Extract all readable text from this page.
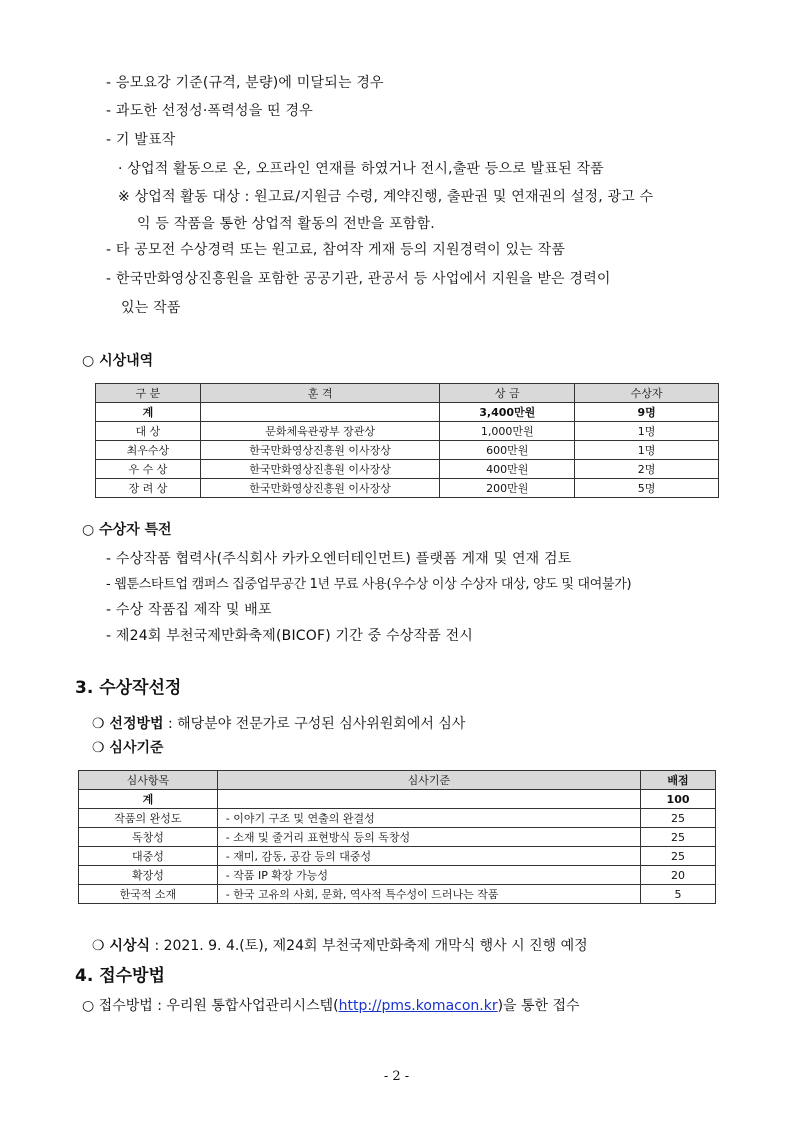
- 응모요강 기준(규격, 분량)에 미달되는 경우
- 과도한 선정성·폭력성을 띤 경우
- 기 발표작
· 상업적 활동으로 온, 오프라인 연재를 하였거나 전시,출판 등으로 발표된 작품
※ 상업적 활동 대상 : 원고료/지원금 수령, 계약진행, 출판권 및 연재권의 설정, 광고 수
익 등 작품을 통한 상업적 활동의 전반을 포함함.
- 타 공모전 수상경력 또는 원고료, 참여작 게재 등의 지원경력이 있는 작품
- 한국만화영상진흥원을 포함한 공공기관, 관공서 등 사업에서 지원을 받은 경력이
있는 작품
○ 시상내역
구 분	훈 격	상 금	수상자
계		3,400만원	9명
대 상	문화체육관광부 장관상	1,000만원	1명
최우수상	한국만화영상진흥원 이사장상	600만원	1명
우 수 상	한국만화영상진흥원 이사장상	400만원	2명
장 려 상	한국만화영상진흥원 이사장상	200만원	5명
○ 수상자 특전
- 수상작품 협력사(주식회사 카카오엔터테인먼트) 플랫폼 게재 및 연재 검토
- 웹툰스타트업 캠퍼스 집중업무공간 1년 무료 사용(우수상 이상 수상자 대상, 양도 및 대여불가)
- 수상 작품집 제작 및 배포
- 제24회 부천국제만화축제(BICOF) 기간 중 수상작품 전시
3. 수상작선정
❍ 선정방법 : 해당분야 전문가로 구성된 심사위원회에서 심사
❍ 심사기준
심사항목	심사기준	배점
계		100
작품의 완성도	- 이야기 구조 및 연출의 완결성	25
독창성	- 소재 및 줄거리 표현방식 등의 독창성	25
대중성	- 재미, 감동, 공감 등의 대중성	25
확장성	- 작품 IP 확장 가능성	20
한국적 소재	- 한국 고유의 사회, 문화, 역사적 특수성이 드러나는 작품	5
❍ 시상식 : 2021. 9. 4.(토), 제24회 부천국제만화축제 개막식 행사 시 진행 예정
4. 접수방법
○ 접수방법 : 우리원 통합사업관리시스템(http://pms.komacon.kr)을 통한 접수
- 2 -
